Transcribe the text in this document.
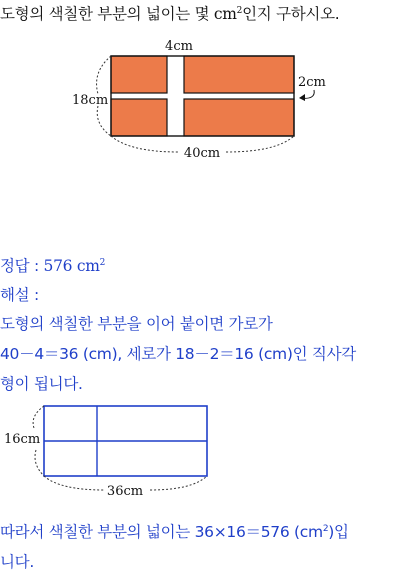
도형의 색칠한 부분의 넓이는 몇 $cm^2$인지 구하시오.
4cm
18cm
2cm
40cm
정답 : 576 $cm^2$
해설 :
도형의 색칠한 부분을 이어 붙이면 가로가
40－4＝36 (cm), 세로가 18－2＝16 (cm)인 직사각
형이 됩니다.
16cm
36cm
따라서 색칠한 부분의 넓이는 36×16＝576 $(cm^2)$입
니다.
